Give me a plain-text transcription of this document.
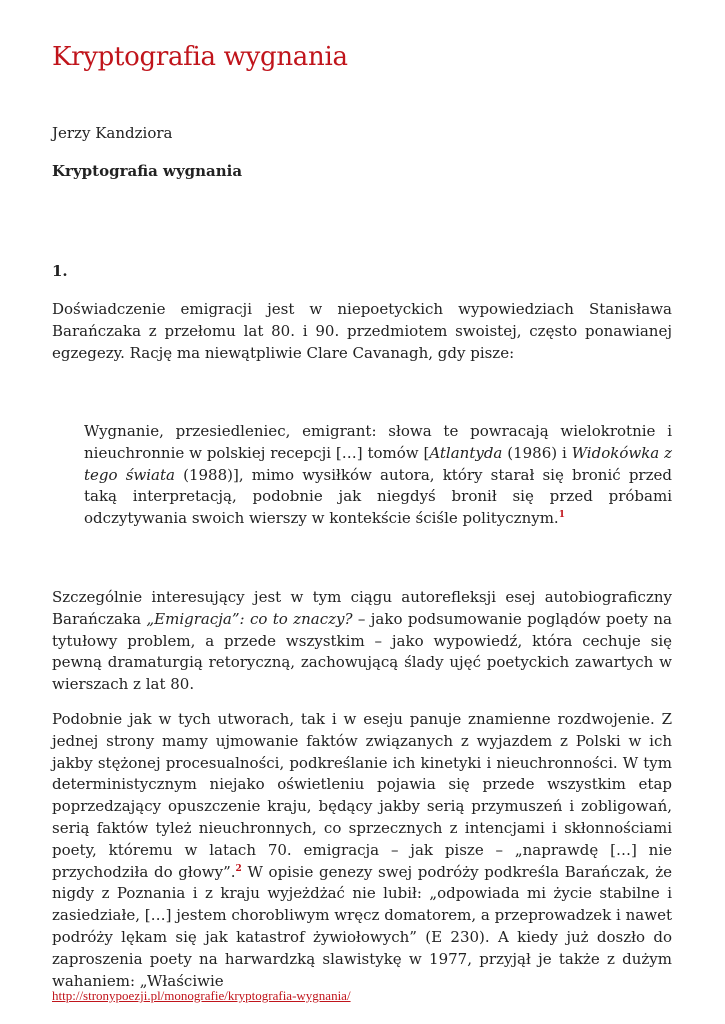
Kryptografia wygnania

Jerzy Kandziora

Kryptografia wygnania

1.

Doświadczenie emigracji jest w niepoetyckich wypowiedziach Stanisława Barańczaka z przełomu lat 80. i 90. przedmiotem swoistej, często ponawianej egzegezy. Rację ma niewątpliwie Clare Cavanagh, gdy pisze:

Wygnanie, przesiedleniec, emigrant: słowa te powracają wielokrotnie i nieuchronnie w polskiej recepcji […] tomów [Atlantyda (1986) i Widokówka z tego świata (1988)], mimo wysiłków autora, który starał się bronić przed taką interpretacją, podobnie jak niegdyś bronił się przed próbami odczytywania swoich wierszy w kontekście ściśle politycznym.$^1$

Szczególnie interesujący jest w tym ciągu autorefleksji esej autobiograficzny Barańczaka „Emigracja”: co to znaczy? – jako podsumowanie poglądów poety na tytułowy problem, a przede wszystkim – jako wypowiedź, która cechuje się pewną dramaturgią retoryczną, zachowującą ślady ujęć poetyckich zawartych w wierszach z lat 80.

Podobnie jak w tych utworach, tak i w eseju panuje znamienne rozdwojenie. Z jednej strony mamy ujmowanie faktów związanych z wyjazdem z Polski w ich jakby stężonej procesualności, podkreślanie ich kinetyki i nieuchronności. W tym deterministycznym niejako oświetleniu pojawia się przede wszystkim etap poprzedzający opuszczenie kraju, będący jakby serią przymuszeń i zobligowań, serią faktów tyleż nieuchronnych, co sprzecznych z intencjami i skłonnościami poety, któremu w latach 70. emigracja – jak pisze – „naprawdę […] nie przychodziła do głowy”.$^2$ W opisie genezy swej podróży podkreśla Barańczak, że nigdy z Poznania i z kraju wyjeżdżać nie lubił: „odpowiada mi życie stabilne i zasiedziałe, […] jestem chorobliwym wręcz domatorem, a przeprowadzek i nawet podróży lękam się jak katastrof żywiołowych” (E 230). A kiedy już doszło do zaproszenia poety na harwardzką slawistykę w 1977, przyjął je także z dużym wahaniem: „Właściwie

http://stronypoezji.pl/monografie/kryptografia-wygnania/
